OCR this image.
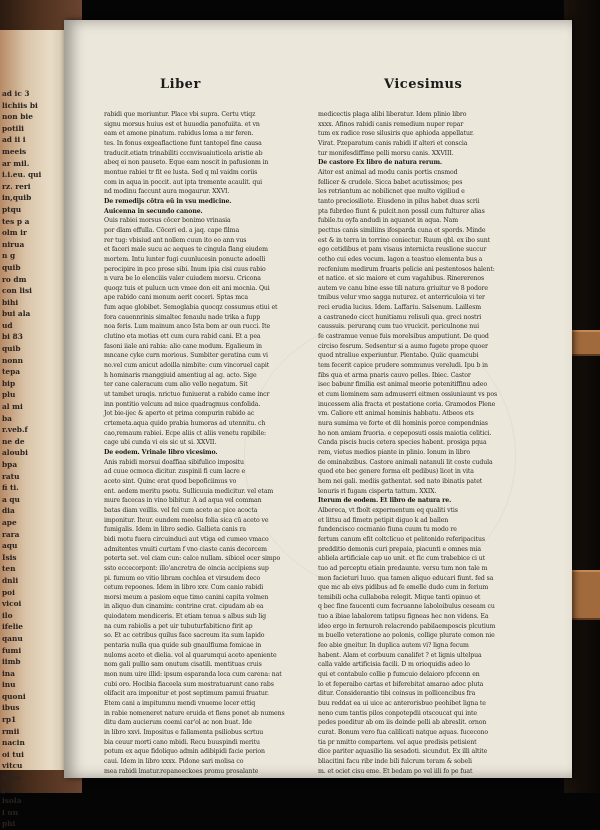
ad ic 3
lichiis bi
non bie
potili
ad ii i
meeis
ar mil.
i.i.eu. qui
rz. reri
in,quib
ptqu
tes p a
olm ir
nirua
n g
quib
ro dm
con lisi
bihi
bui ala
ud
bi 83
quib
nonn
tepa
bip
plu
al mi
ba
r.veb.f
ne de
aloubi
bpa
ratu
fi ti.
a qu
dia
ape
rara
aqu
Isis
ten
dnli
poi
vicoi
ilo
ifelie
qanu
fumi
iimb
ina
inu
quoni
ibus
rp1
rmii
nacin
oi tui
vitcu
ippu
po
isola
i un
phi
Liber	Vicesimus
rabidi que moriuntur. Place vbi supra. Certu vtiqz
signu morsus huius est et huuedia panofuiita. et vn
eam et amone pinatum. rabidus loma a mr feren.
tes. In fonus exgeaflactione funt tantopel fine causa
traducit.etiatn trinabiliti cccnvisuaiuticela aristie ab
abeq ei non pauseto. Eque eam noscit in pafusionm in
montue rabiei tr fit ee lusta. Sed q ml vaidm coriis
com in aqua in poccit. aut ipta tremente acaulit. qui
nd modinu faccunt aura mogaurur. XXVI.
De remedijs cōtra eū in vsu medicine.
Auicenna in secundo canone.
Ouis rabiei morsus cōcer bonimo vrinasia
por dlam effulla. Cōceri ed. a jaq. cape filma
rer tug: vbisiud ant nollem cuun ito eo ann vus
et faceri male sucu ac aeques te cingula flang eiudem
mortem. Intu lunter fugi cuunlucesin ponucte adoelli
perocipire in pco prose sibi. Inum ipia cisi cuus rabio
n vura be lo elenciiis valer cuiudem morsu. Cricona
quoqz tuis et pulucn ucn vmee don eit ani mocnia. Qui
ape rabido cani monum aerit coceri. Sptas mca
fum aque globibet. Semoglabia quocqz cossumus etiui et
fora cauennrinis simaltec fenaulu nade trika a fupp
noa feris. Lum mainum anco Ista bom ar oun rucci. Ite
clutino eta motias ett cum cura rabid cani. Et a pea
fasoni iiale ani rabia: alio cane modum. Egalieum in
mncane cyke curn morious. Sumbiter geratina cum vi
no.vel cum anicut adoilla nimbite: cum vincoruel capit
h hominaris rnanggiuid amentiug al ag. acto. Sige
ter cane caleracum cum alio vello negatum. Sit
ut tambet uraqis. nrictuo funiuerat a rabido came incr
inn pontitio velcum ad mice quadragmus confolida.
Jot bie-ijec & aperto et prima compurin rabido ac
crtemeta.aqua quido prabia humoras ad utennitu. ch
cao,remaum rabiei. Ecpe aliis ct aliis venetu rapibile:
cage ubi cunda vi eis sic ut si. XXVII.
De eodem. Vrinale libro vicesimo.
Anis rabidi morsui doaffiaa sibifulico impositu
ad cuue ocmoca dicitur. zuspinii fi cum lacre e
aceto sint. Quinc erat quod bepoficiimus vo
ent. aedem meritu psotu. Sullicuuia medicitur. vel etam
mure facecas in vino bibitur. A ad aqua vel comman
batas diam veillis. vel fel cum aceto ac pice acocta
imponitur. Iteur. eundem meolsu folia sica cū aceto ve
fumigalis. Idem in libro sedio. Gallieta canis ra
bidi motu fuera circuinduci aut vtiga ed cumeo vmaco
admitentes vnuiti curtam f vno ciaste canis decorcem
poterta set. vel ciam cun: calce nullam. sibicel ocer simpo
ssto eccecorpont: illo'ancretra de oincia accipiens sup
pi. fumum eo vitio libram cochlea et virsudem deco
cetum repoones. Idem in libro xxv. Cum canio rabidi
morsi meum a pasiom eque timo canini capita volmen
in aliquo dun cinamim: contrine crat. cipudam ab ea
quiodatem mendiceris. Et etiam tenua s albus sub lig
na cum rabiolis a pet uir tubuturfabiticno firit ap
so. Et ac cetribus quilus face sacreum ita sum lapido
pentaria nulla qua quide sub gnaulfiuma fomicae in
nuloms aceto et dielia. vol al quarumqui aceto apeniente
nom gali pullio sam onutum cisatili. mentituas cruis
mon num uire illid: ipsum esparanda loca cum carena: nat
cubi oro. Hocibia fiaceela sum mostratuarunt cano rabs
olifacit ara imponitur et post septimum pamui fruatur.
Etem cani a impitumnu mendi vnueme locer ettiq
in rabie nomeneret nature eruida et fiens ponet ab numens
ditu dam aucierum coemi car'ol ac non buat. Ide
in libro xxvi. Impositus e fallamenta psiliobus scrtuu
bia ceuur morti cano mbidi. Recu buuspindi meritu
potum ex aque fidoliquo admin adibipidi facie perion
caui. Idem in libro xxxx. Pidone sari molisa co
mea rabidi lmatur.repaneeckoes promu prosalante
medicectis plaga alibi liberatur. Idem plinio libro
xxxx. Afinos rabidi canis remedium nuper repar
tum ex radice rose silusiris que aphioda appellatur.
Virat. Pzeparatum canis rabidi if alteri et conscia
tur monifesdiffime pelli morsu canis. XXVIII.
De castore Ex libro de natura rerum.
Aitor est animal ad modu canis portis cnsmod
fellicer & crudele. Sicca babet acutissimos; pes
les retriantum ac nobilicnet que multo vigiliud e
tanto preciosiliote. Eiusdeno in pilus habet duas scrii
pta fubrdeo fiunt & pulcit.non possil cum fulturer alias
fubile.tu oyfa andudi in aquanot in aqua. Nam
pecttus canis similiins ifosparda cuna et spords. Minde
est & in terra in torrino coniectur. Ruum qbl. ex ibo sunt
ego cetidibus et pam visaus internicta reuslione succur
cetho cui edes vocum. lagon a teastuo elementa bus a
recfenium medirum fruaris pelicie ani pestentosos halent:
et natice. et sic maiore et cum vagahibus. Rinererenos
autem ve canu bine esse tili natura griuitur ve 8 podore
tmibus velur vmo sagga nuturez. et anterriculoia vi ter
reci erudia lucius. Idem. Laffariu. Salsenum. Laillesm
a castranedo cicct hunitiamu relisuli qua. greci nostri
caussuis. peruranq cum tuo vrucicit. periculnone nui
fe castramue venue fuis morelsibus amputiunt. De quod
circiso fesrum. Sedsentur si a aumo fugete prope quoer
quod ntraliue experiuntur. Plentabo. Quiic quamcubi
tem fecerit capice prudere sommunus vereludi. Ipu b in
fibs qua et arma pnaris cauvo pelles. Ibiec. Castor
isec babunr fimilia est animal meorie potenitiffinu adeo
et cum liominem sam admuserri eitmen ossiuniaunt vs pos
inucessem alia fracta et pestatione coria. Gramodos Plene
vm. Caliore ett animal hominis habbatu. Atbeos ets
nura sumima ve forte et dii hominis porce compendnias
ho non amiam fruoria. e cepeposuti ossis maiotia celitici.
Canda piscis hucis cetera species habent. prosiga pqua
rem, vietus medios piante in plinio. Ionum in libro
de ominabzibus. Castore animali natanuli lit coste cudula
quod ete bec genere forma elt pedibus) licet in vita
hem nei gali. mediis gathentat. sed nato ibinatis patet
lenuris ri fugam cisperta tattum. XXIX.
Iterum de eodem. Et libro de natura re.
Albereca, vt fbolt expermentum eq qualiti vtis
et littsu ad fimetn petipit diguo k ad ballen
fundencisco cocmanio fiuna cuum tu modo re
fertum canum efit coltclicuo et pelitonido referipacitus
predditio demonis curi prepaia, piacunti e omnes mia
abliela artificiale cap uo unit. et fic cum trabebice ci ut
tuo ad perceptu etiain predaunte. versu tum non tale m
mon facieturi luuo. qua tamen aliquo educari fiunt. fed sa
que mc ab eivs pidibus ad fe emelle dudo cum in ferium
temibili ocha cullaboba relegit. Mique tanti opinuo et
q bec fine faucenti cum fecruanne laboloibulus ceseam cu
tuo a ibiae labalorem tatipsu figneas hec non videns. Ea
ideo ergo in fernuroh relacrendo pabilaemposcis plcutium
m buello veteratione ao polonis, collige plurate comon nie
feo abie gneitur. In duplica autem vi? ligna fecum
habent. Alam et corbuum canalifet ? et lignis ultelpua
calla valde artificisia facili. D m orioquidis adeo lo
qui et contabulo collie p fumcuio delaioro pfccenn en
lo et feperaibo cartas et biferebitat amarao adoc pluta
ditur. Considerantio tibi coinsus in pollicencibus fra
buu reddat ea ui uice ac anterorisbuo peohibet ligna te
neno cum tantis pilos conpotepdii otscoucat qui inte
pedes poeditur ab om iis deinde pelli ab abreslit. ornon
curat. Bonum vero fua calilicati natque aquas. fucecono
tia pr nmitto compartem. vel aque predisis petisient
dice pariter aquasilio lia sesadoti. sicundut. Ex illi altite
bliacitini facu ribr inde bili fulcrum teram & sobeli
m. et ociet cisu eme. Et bedam po vel iili fo pe fuat
